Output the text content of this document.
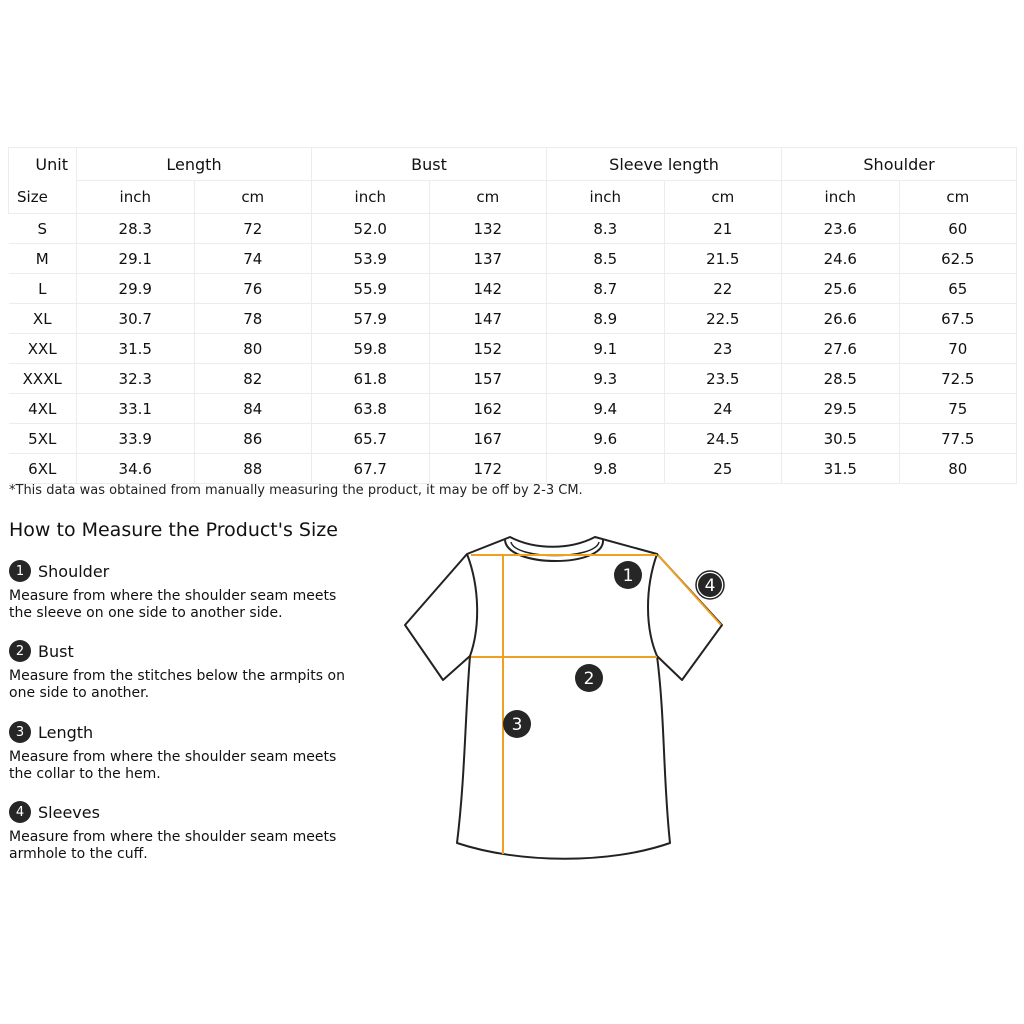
Unit	Length		Bust		Sleeve length		Shoulder	
Size	inch	cm	inch	cm	inch	cm	inch	cm
S	28.3	72	52.0	132	8.3	21	23.6	60
M	29.1	74	53.9	137	8.5	21.5	24.6	62.5
L	29.9	76	55.9	142	8.7	22	25.6	65
XL	30.7	78	57.9	147	8.9	22.5	26.6	67.5
XXL	31.5	80	59.8	152	9.1	23	27.6	70
XXXL	32.3	82	61.8	157	9.3	23.5	28.5	72.5
4XL	33.1	84	63.8	162	9.4	24	29.5	75
5XL	33.9	86	65.7	167	9.6	24.5	30.5	77.5
6XL	34.6	88	67.7	172	9.8	25	31.5	80
*This data was obtained from manually measuring the product, it may be off by 2-3 CM.
How to Measure the Product's Size
1 Shoulder
Measure from where the shoulder seam meets the sleeve on one side to another side.
2 Bust
Measure from the stitches below the armpits on one side to another.
3 Length
Measure from where the shoulder seam meets the collar to the hem.
4 Sleeves
Measure from where the shoulder seam meets armhole to the cuff.
1
2
3
4
